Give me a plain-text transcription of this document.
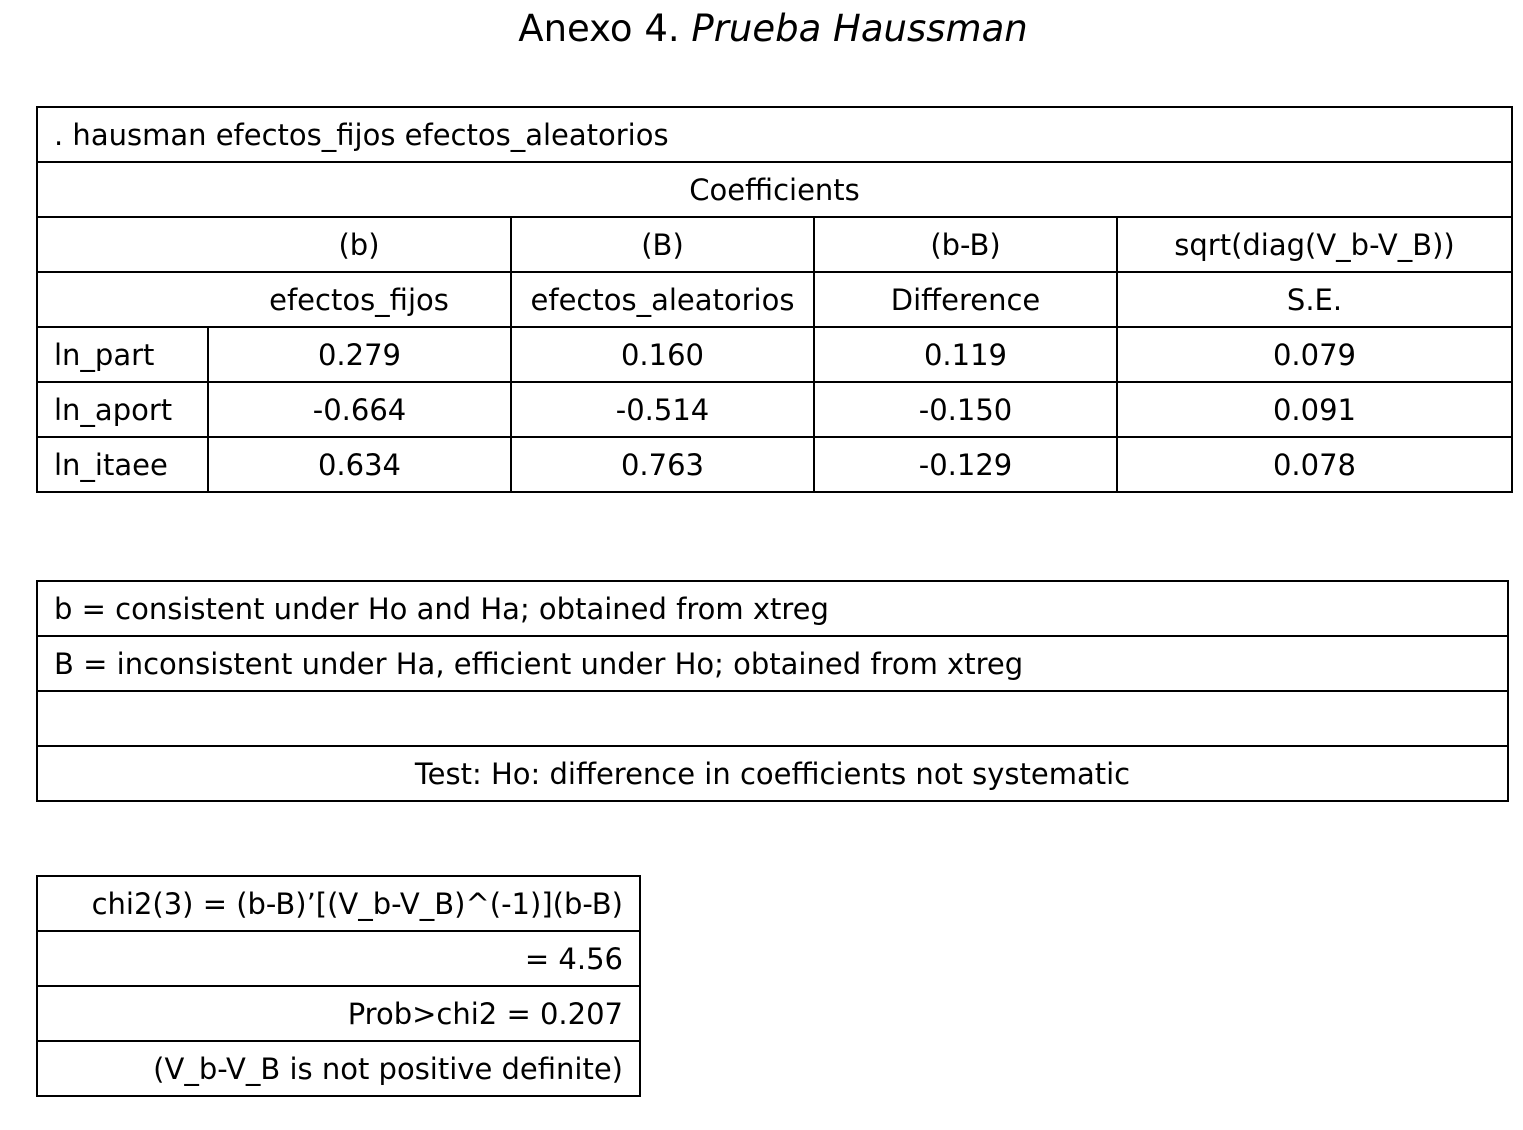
Anexo 4. Prueba Haussman
. hausman efectos_fijos efectos_aleatorios				
Coefficients				
	(b)	(B)	(b-B)	sqrt(diag(V_b-V_B))
	efectos_fijos	efectos_aleatorios	Difference	S.E.
ln_part	0.279	0.160	0.119	0.079
ln_aport	-0.664	-0.514	-0.150	0.091
ln_itaee	0.634	0.763	-0.129	0.078
b = consistent under Ho and Ha; obtained from xtreg
B = inconsistent under Ha, efficient under Ho; obtained from xtreg

Test: Ho: difference in coefficients not systematic
chi2(3) = (b-B)’[(V_b-V_B)^(-1)](b-B)
= 4.56
Prob>chi2 = 0.207
(V_b-V_B is not positive definite)
